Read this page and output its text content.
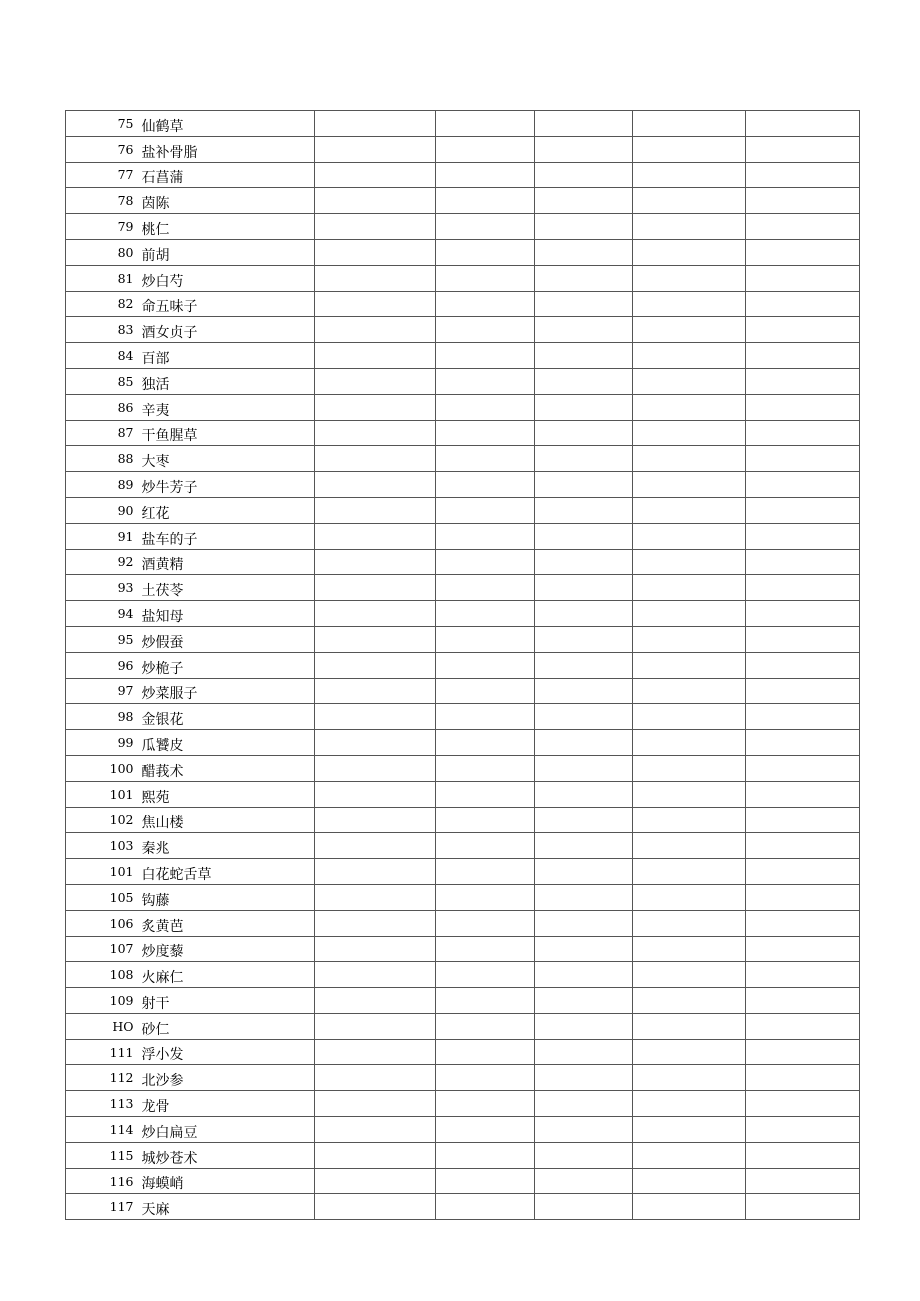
75	仙鹤草					
76	盐补骨脂					
77	石菖蒲					
78	茵陈					
79	桃仁					
80	前胡					
81	炒白芍					
82	命五味子					
83	酒女贞子					
84	百部					
85	独活					
86	辛夷					
87	干鱼腥草					
88	大枣					
89	炒牛芳子					
90	红花					
91	盐车的子					
92	酒黄精					
93	土茯苓					
94	盐知母					
95	炒假蚕					
96	炒桅子					
97	炒菜服子					
98	金银花					
99	瓜饕皮					
100	醋莪术					
101	熙苑					
102	焦山楼					
103	秦兆					
101	白花蛇舌草					
105	钩藤					
106	炙黄芭					
107	炒度藜					
108	火麻仁					
109	射干					
HO	砂仁					
111	浮小发					
112	北沙参					
113	龙骨					
114	炒白扁豆					
115	城炒苍术					
116	海蟆峭					
117	天麻					
